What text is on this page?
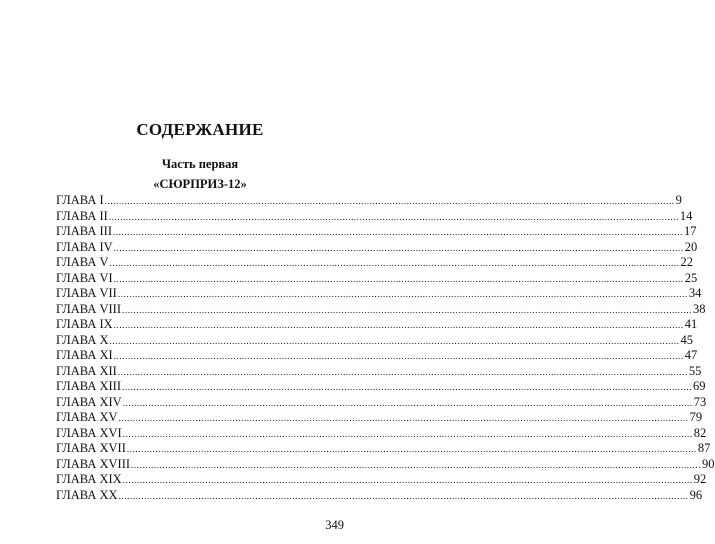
СОДЕРЖАНИЕ
Часть первая
«СЮРПРИЗ-12»
ГЛАВА I ........................................................................................................................................................................................................ 9
ГЛАВА II ........................................................................................................................................................................................................ 14
ГЛАВА III ........................................................................................................................................................................................................ 17
ГЛАВА IV ........................................................................................................................................................................................................ 20
ГЛАВА V ........................................................................................................................................................................................................ 22
ГЛАВА VI ........................................................................................................................................................................................................ 25
ГЛАВА VII ........................................................................................................................................................................................................ 34
ГЛАВА VIII ........................................................................................................................................................................................................ 38
ГЛАВА IX ........................................................................................................................................................................................................ 41
ГЛАВА X ........................................................................................................................................................................................................ 45
ГЛАВА XI ........................................................................................................................................................................................................ 47
ГЛАВА XII ........................................................................................................................................................................................................ 55
ГЛАВА XIII ........................................................................................................................................................................................................ 69
ГЛАВА XIV ........................................................................................................................................................................................................ 73
ГЛАВА XV ........................................................................................................................................................................................................ 79
ГЛАВА XVI ........................................................................................................................................................................................................ 82
ГЛАВА XVII ........................................................................................................................................................................................................ 87
ГЛАВА XVIII ........................................................................................................................................................................................................ 90
ГЛАВА XIX ........................................................................................................................................................................................................ 92
ГЛАВА XX ........................................................................................................................................................................................................ 96
349
